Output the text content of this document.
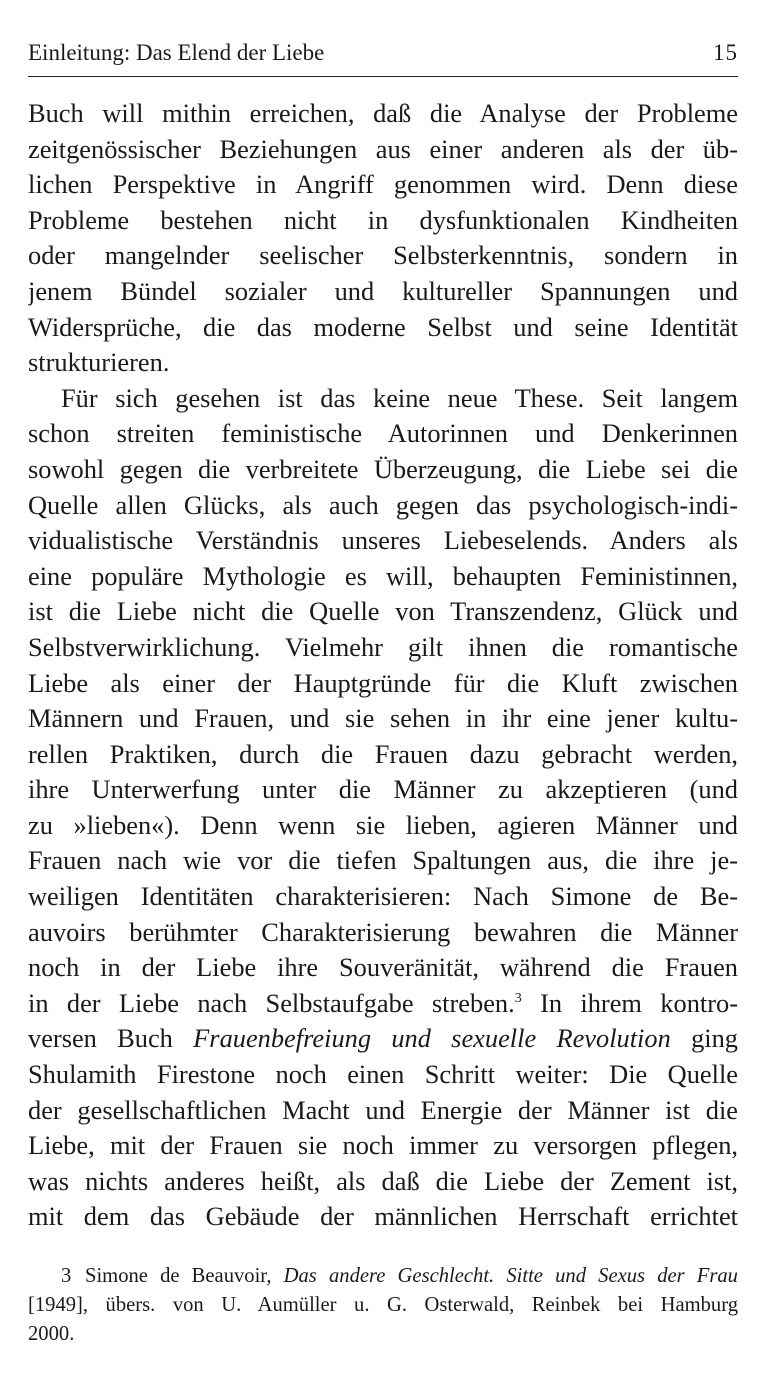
Einleitung: Das Elend der Liebe	15
Buch will mithin erreichen, daß die Analyse der Probleme
zeitgenössischer Beziehungen aus einer anderen als der üb-
lichen Perspektive in Angriff genommen wird. Denn diese
Probleme bestehen nicht in dysfunktionalen Kindheiten
oder mangelnder seelischer Selbsterkenntnis, sondern in
jenem Bündel sozialer und kultureller Spannungen und
Widersprüche, die das moderne Selbst und seine Identität
strukturieren.
Für sich gesehen ist das keine neue These. Seit langem
schon streiten feministische Autorinnen und Denkerinnen
sowohl gegen die verbreitete Überzeugung, die Liebe sei die
Quelle allen Glücks, als auch gegen das psychologisch-indi-
vidualistische Verständnis unseres Liebeselends. Anders als
eine populäre Mythologie es will, behaupten Feministinnen,
ist die Liebe nicht die Quelle von Transzendenz, Glück und
Selbstverwirklichung. Vielmehr gilt ihnen die romantische
Liebe als einer der Hauptgründe für die Kluft zwischen
Männern und Frauen, und sie sehen in ihr eine jener kultu-
rellen Praktiken, durch die Frauen dazu gebracht werden,
ihre Unterwerfung unter die Männer zu akzeptieren (und
zu »lieben«). Denn wenn sie lieben, agieren Männer und
Frauen nach wie vor die tiefen Spaltungen aus, die ihre je-
weiligen Identitäten charakterisieren: Nach Simone de Be-
auvoirs berühmter Charakterisierung bewahren die Männer
noch in der Liebe ihre Souveränität, während die Frauen
in der Liebe nach Selbstaufgabe streben.$^3$ In ihrem kontro-
versen Buch Frauenbefreiung und sexuelle Revolution ging
Shulamith Firestone noch einen Schritt weiter: Die Quelle
der gesellschaftlichen Macht und Energie der Männer ist die
Liebe, mit der Frauen sie noch immer zu versorgen pflegen,
was nichts anderes heißt, als daß die Liebe der Zement ist,
mit dem das Gebäude der männlichen Herrschaft errichtet
3 Simone de Beauvoir, Das andere Geschlecht. Sitte und Sexus der Frau
[1949], übers. von U. Aumüller u. G. Osterwald, Reinbek bei Hamburg
2000.
